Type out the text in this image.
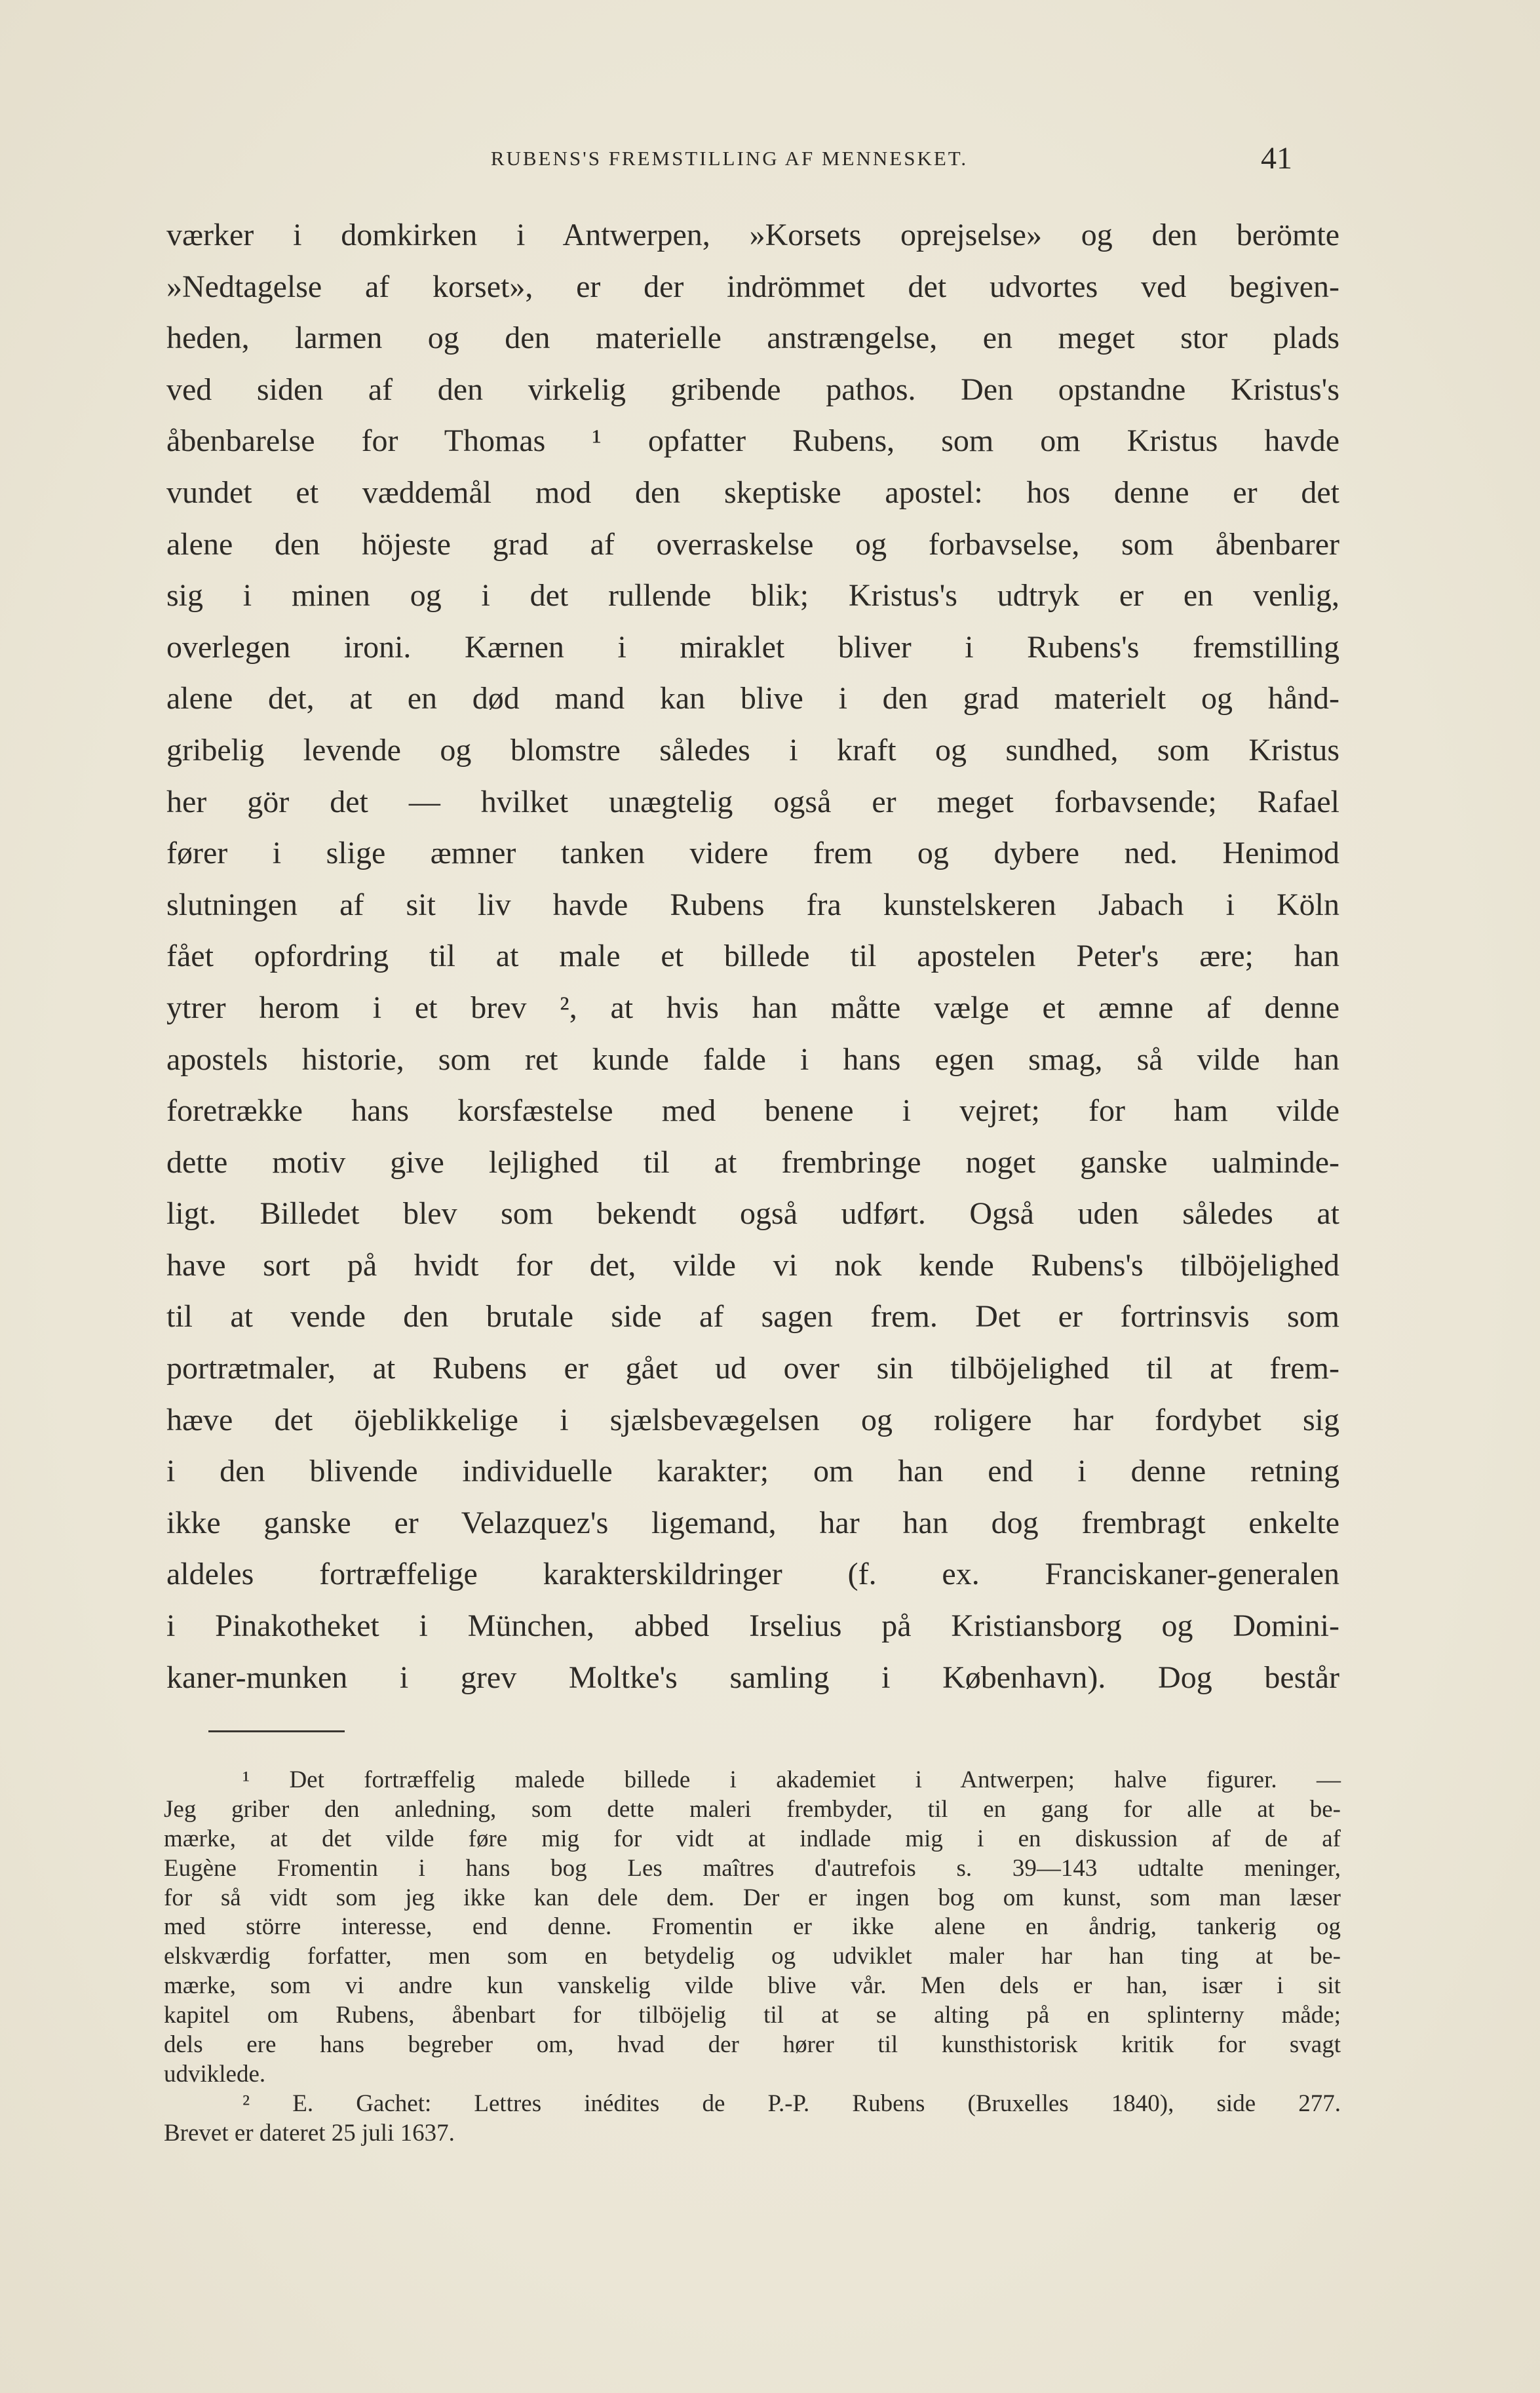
RUBENS'S FREMSTILLING AF MENNESKET.	41
værker i domkirken i Antwerpen, »Korsets oprejselse» og den berömte
»Nedtagelse af korset», er der indrömmet det udvortes ved begiven-
heden, larmen og den materielle anstrængelse, en meget stor plads
ved siden af den virkelig gribende pathos. Den opstandne Kristus's
åbenbarelse for Thomas ¹ opfatter Rubens, som om Kristus havde
vundet et væddemål mod den skeptiske apostel: hos denne er det
alene den höjeste grad af overraskelse og forbavselse, som åbenbarer
sig i minen og i det rullende blik; Kristus's udtryk er en venlig,
overlegen ironi. Kærnen i miraklet bliver i Rubens's fremstilling
alene det, at en død mand kan blive i den grad materielt og hånd-
gribelig levende og blomstre således i kraft og sundhed, som Kristus
her gör det — hvilket unægtelig også er meget forbavsende; Rafael
fører i slige æmner tanken videre frem og dybere ned. Henimod
slutningen af sit liv havde Rubens fra kunstelskeren Jabach i Köln
fået opfordring til at male et billede til apostelen Peter's ære; han
ytrer herom i et brev ², at hvis han måtte vælge et æmne af denne
apostels historie, som ret kunde falde i hans egen smag, så vilde han
foretrække hans korsfæstelse med benene i vejret; for ham vilde
dette motiv give lejlighed til at frembringe noget ganske ualminde-
ligt. Billedet blev som bekendt også udført. Også uden således at
have sort på hvidt for det, vilde vi nok kende Rubens's tilböjelighed
til at vende den brutale side af sagen frem. Det er fortrinsvis som
portrætmaler, at Rubens er gået ud over sin tilböjelighed til at frem-
hæve det öjeblikkelige i sjælsbevægelsen og roligere har fordybet sig
i den blivende individuelle karakter; om han end i denne retning
ikke ganske er Velazquez's ligemand, har han dog frembragt enkelte
aldeles fortræffelige karakterskildringer (f. ex. Franciskaner-generalen
i Pinakotheket i München, abbed Irselius på Kristiansborg og Domini-
kaner-munken i grev Moltke's samling i København). Dog består
¹ Det fortræffelig malede billede i akademiet i Antwerpen; halve figurer. —
Jeg griber den anledning, som dette maleri frembyder, til en gang for alle at be-
mærke, at det vilde føre mig for vidt at indlade mig i en diskussion af de af
Eugène Fromentin i hans bog Les maîtres d'autrefois s. 39—143 udtalte meninger,
for så vidt som jeg ikke kan dele dem. Der er ingen bog om kunst, som man læser
med större interesse, end denne. Fromentin er ikke alene en åndrig, tankerig og
elskværdig forfatter, men som en betydelig og udviklet maler har han ting at be-
mærke, som vi andre kun vanskelig vilde blive vår. Men dels er han, især i sit
kapitel om Rubens, åbenbart for tilböjelig til at se alting på en splinterny måde;
dels ere hans begreber om, hvad der hører til kunsthistorisk kritik for svagt
udviklede.
² E. Gachet: Lettres inédites de P.-P. Rubens (Bruxelles 1840), side 277.
Brevet er dateret 25 juli 1637.
